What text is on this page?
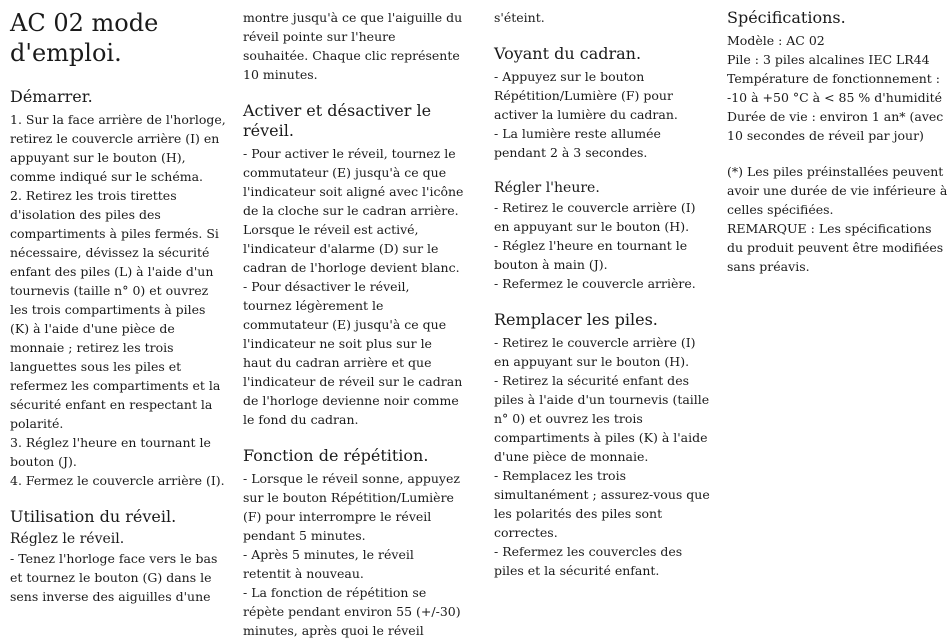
AC 02 mode
d'emploi.
Démarrer.

1. Sur la face arrière de l'horloge,

retirez le couvercle arrière (I) en

appuyant sur le bouton (H),

comme indiqué sur le schéma.

2. Retirez les trois tirettes

d'isolation des piles des

compartiments à piles fermés. Si

nécessaire, dévissez la sécurité

enfant des piles (L) à l'aide d'un

tournevis (taille n° 0) et ouvrez

les trois compartiments à piles

(K) à l'aide d'une pièce de

monnaie ; retirez les trois

languettes sous les piles et

refermez les compartiments et la

sécurité enfant en respectant la

polarité.

3. Réglez l'heure en tournant le

bouton (J).

4. Fermez le couvercle arrière (I).

Utilisation du réveil.
Réglez le réveil.

- Tenez l'horloge face vers le bas

et tournez le bouton (G) dans le

sens inverse des aiguilles d'une

montre jusqu'à ce que l'aiguille du

réveil pointe sur l'heure

souhaitée. Chaque clic représente

10 minutes.

Activer et désactiver le réveil.

- Pour activer le réveil, tournez le

commutateur (E) jusqu'à ce que

l'indicateur soit aligné avec l'icône

de la cloche sur le cadran arrière.

Lorsque le réveil est activé,

l'indicateur d'alarme (D) sur le

cadran de l'horloge devient blanc.

- Pour désactiver le réveil,

tournez légèrement le

commutateur (E) jusqu'à ce que

l'indicateur ne soit plus sur le

haut du cadran arrière et que

l'indicateur de réveil sur le cadran

de l'horloge devienne noir comme

le fond du cadran.

Fonction de répétition.

- Lorsque le réveil sonne, appuyez

sur le bouton Répétition/Lumière

(F) pour interrompre le réveil

pendant 5 minutes.

- Après 5 minutes, le réveil

retentit à nouveau.

- La fonction de répétition se

répète pendant environ 55 (+/-30)

minutes, après quoi le réveil

s'éteint.

Voyant du cadran.

- Appuyez sur le bouton

Répétition/Lumière (F) pour

activer la lumière du cadran.

- La lumière reste allumée

pendant 2 à 3 secondes.

Régler l'heure.

- Retirez le couvercle arrière (I)

en appuyant sur le bouton (H).

- Réglez l'heure en tournant le

bouton à main (J).

- Refermez le couvercle arrière.

Remplacer les piles.

- Retirez le couvercle arrière (I)

en appuyant sur le bouton (H).

- Retirez la sécurité enfant des

piles à l'aide d'un tournevis (taille

n° 0) et ouvrez les trois

compartiments à piles (K) à l'aide

d'une pièce de monnaie.

- Remplacez les trois

simultanément ; assurez-vous que

les polarités des piles sont

correctes.

- Refermez les couvercles des

piles et la sécurité enfant.

Spécifications.

Modèle : AC 02

Pile : 3 piles alcalines IEC LR44

Température de fonctionnement :

-10 à +50 °C à < 85 % d'humidité

Durée de vie : environ 1 an* (avec

10 secondes de réveil par jour)

(*) Les piles préinstallées peuvent

avoir une durée de vie inférieure à

celles spécifiées.

REMARQUE : Les spécifications

du produit peuvent être modifiées

sans préavis.
